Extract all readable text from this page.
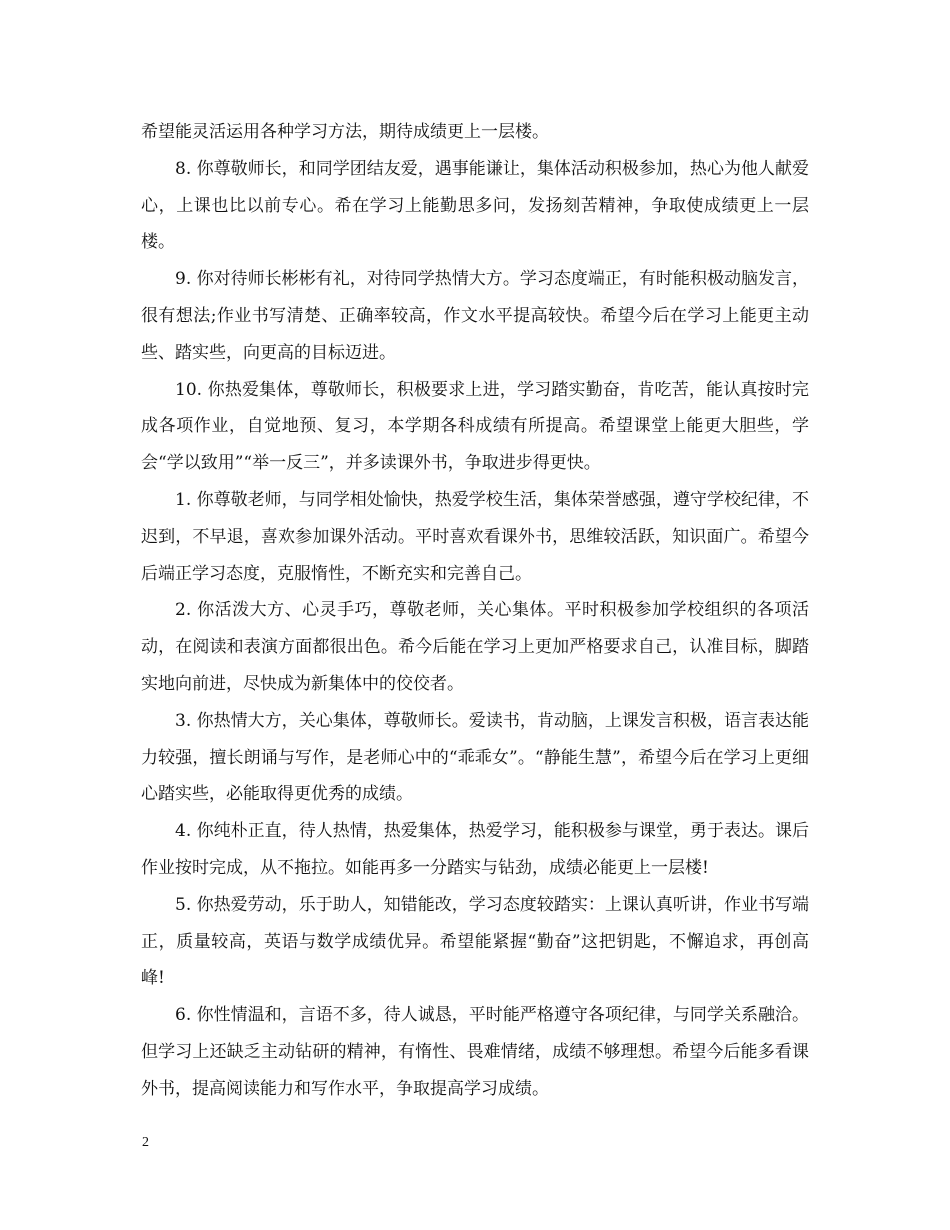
希望能灵活运用各种学习方法，期待成绩更上一层楼。

8. 你尊敬师长，和同学团结友爱，遇事能谦让，集体活动积极参加，热心为他人献爱心，上课也比以前专心。希在学习上能勤思多问，发扬刻苦精神，争取使成绩更上一层楼。

9. 你对待师长彬彬有礼，对待同学热情大方。学习态度端正，有时能积极动脑发言，很有想法;作业书写清楚、正确率较高，作文水平提高较快。希望今后在学习上能更主动些、踏实些，向更高的目标迈进。

10. 你热爱集体，尊敬师长，积极要求上进，学习踏实勤奋，肯吃苦，能认真按时完成各项作业，自觉地预、复习，本学期各科成绩有所提高。希望课堂上能更大胆些，学会“学以致用”“举一反三”，并多读课外书，争取进步得更快。

1. 你尊敬老师，与同学相处愉快，热爱学校生活，集体荣誉感强，遵守学校纪律，不迟到，不早退，喜欢参加课外活动。平时喜欢看课外书，思维较活跃，知识面广。希望今后端正学习态度，克服惰性，不断充实和完善自己。

2. 你活泼大方、心灵手巧，尊敬老师，关心集体。平时积极参加学校组织的各项活动，在阅读和表演方面都很出色。希今后能在学习上更加严格要求自己，认准目标，脚踏实地向前进，尽快成为新集体中的佼佼者。

3. 你热情大方，关心集体，尊敬师长。爱读书，肯动脑，上课发言积极，语言表达能力较强，擅长朗诵与写作，是老师心中的“乖乖女”。“静能生慧”，希望今后在学习上更细心踏实些，必能取得更优秀的成绩。

4. 你纯朴正直，待人热情，热爱集体，热爱学习，能积极参与课堂，勇于表达。课后作业按时完成，从不拖拉。如能再多一分踏实与钻劲，成绩必能更上一层楼!

5. 你热爱劳动，乐于助人，知错能改，学习态度较踏实：上课认真听讲，作业书写端正，质量较高，英语与数学成绩优异。希望能紧握“勤奋”这把钥匙，不懈追求，再创高峰!

6. 你性情温和，言语不多，待人诚恳，平时能严格遵守各项纪律，与同学关系融洽。但学习上还缺乏主动钻研的精神，有惰性、畏难情绪，成绩不够理想。希望今后能多看课外书，提高阅读能力和写作水平，争取提高学习成绩。

2
